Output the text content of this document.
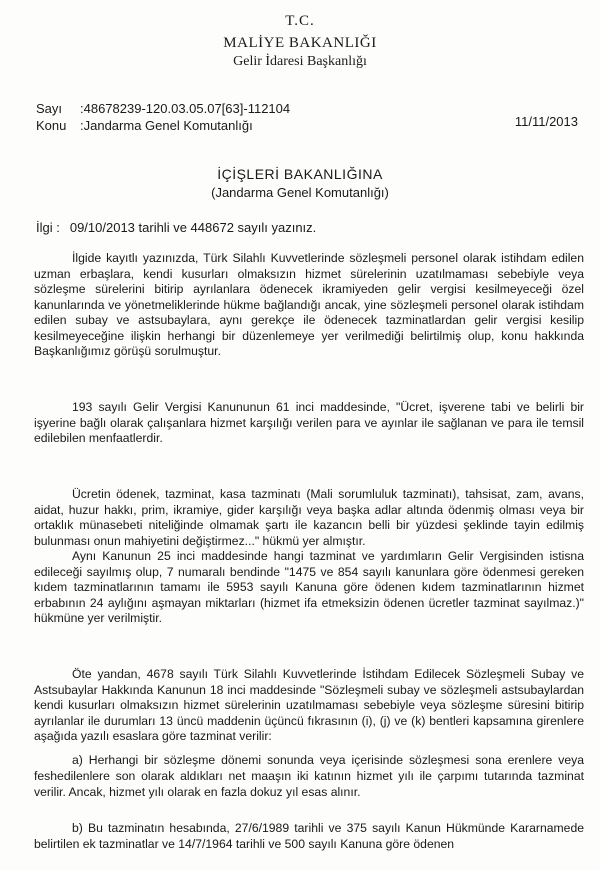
T.C.
MALİYE BAKANLIĞI
Gelir İdaresi Başkanlığı
Sayı :48678239-120.03.05.07[63]-112104
Konu :Jandarma Genel Komutanlığı	11/11/2013
İÇİŞLERİ BAKANLIĞINA
(Jandarma Genel Komutanlığı)
İlgi : 09/10/2013 tarihli ve 448672 sayılı yazınız.
İlgide kayıtlı yazınızda, Türk Silahlı Kuvvetlerinde sözleşmeli personel olarak istihdam edilen uzman erbaşlara, kendi kusurları olmaksızın hizmet sürelerinin uzatılmaması sebebiyle veya sözleşme sürelerini bitirip ayrılanlara ödenecek ikramiyeden gelir vergisi kesilmeyeceği özel kanunlarında ve yönetmeliklerinde hükme bağlandığı ancak, yine sözleşmeli personel olarak istihdam edilen subay ve astsubaylara, aynı gerekçe ile ödenecek tazminatlardan gelir vergisi kesilip kesilmeyeceğine ilişkin herhangi bir düzenlemeye yer verilmediği belirtilmiş olup, konu hakkında Başkanlığımız görüşü sorulmuştur.
193 sayılı Gelir Vergisi Kanununun 61 inci maddesinde, "Ücret, işverene tabi ve belirli bir işyerine bağlı olarak çalışanlara hizmet karşılığı verilen para ve ayınlar ile sağlanan ve para ile temsil edilebilen menfaatlerdir.
Ücretin ödenek, tazminat, kasa tazminatı (Mali sorumluluk tazminatı), tahsisat, zam, avans, aidat, huzur hakkı, prim, ikramiye, gider karşılığı veya başka adlar altında ödenmiş olması veya bir ortaklık münasebeti niteliğinde olmamak şartı ile kazancın belli bir yüzdesi şeklinde tayin edilmiş bulunması onun mahiyetini değiştirmez..." hükmü yer almıştır.
Aynı Kanunun 25 inci maddesinde hangi tazminat ve yardımların Gelir Vergisinden istisna edileceği sayılmış olup, 7 numaralı bendinde "1475 ve 854 sayılı kanunlara göre ödenmesi gereken kıdem tazminatlarının tamamı ile 5953 sayılı Kanuna göre ödenen kıdem tazminatlarının hizmet erbabının 24 aylığını aşmayan miktarları (hizmet ifa etmeksizin ödenen ücretler tazminat sayılmaz.)" hükmüne yer verilmiştir.
Öte yandan, 4678 sayılı Türk Silahlı Kuvvetlerinde İstihdam Edilecek Sözleşmeli Subay ve Astsubaylar Hakkında Kanunun 18 inci maddesinde "Sözleşmeli subay ve sözleşmeli astsubaylardan kendi kusurları olmaksızın hizmet sürelerinin uzatılmaması sebebiyle veya sözleşme süresini bitirip ayrılanlar ile durumları 13 üncü maddenin üçüncü fıkrasının (i), (j) ve (k) bentleri kapsamına girenlere aşağıda yazılı esaslara göre tazminat verilir:
a) Herhangi bir sözleşme dönemi sonunda veya içerisinde sözleşmesi sona erenlere veya feshedilenlere son olarak aldıkları net maaşın iki katının hizmet yılı ile çarpımı tutarında tazminat verilir. Ancak, hizmet yılı olarak en fazla dokuz yıl esas alınır.
b) Bu tazminatın hesabında, 27/6/1989 tarihli ve 375 sayılı Kanun Hükmünde Kararnamede belirtilen ek tazminatlar ve 14/7/1964 tarihli ve 500 sayılı Kanuna göre ödenen
